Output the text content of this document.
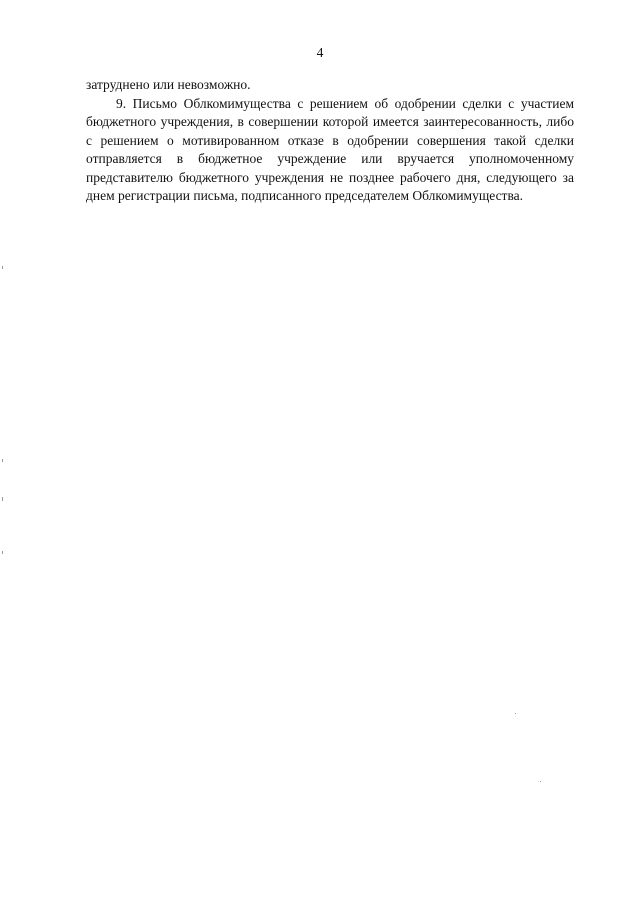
4

затруднено или невозможно.

9. Письмо Облкомимущества с решением об одобрении сделки с участием бюджетного учреждения, в совершении которой имеется заинтересованность, либо с решением о мотивированном отказе в одобрении совершения такой сделки отправляется в бюджетное учреждение или вручается уполномоченному представителю бюджетного учреждения не позднее рабочего дня, следующего за днем регистрации письма, подписанного председателем Облкомимущества.
